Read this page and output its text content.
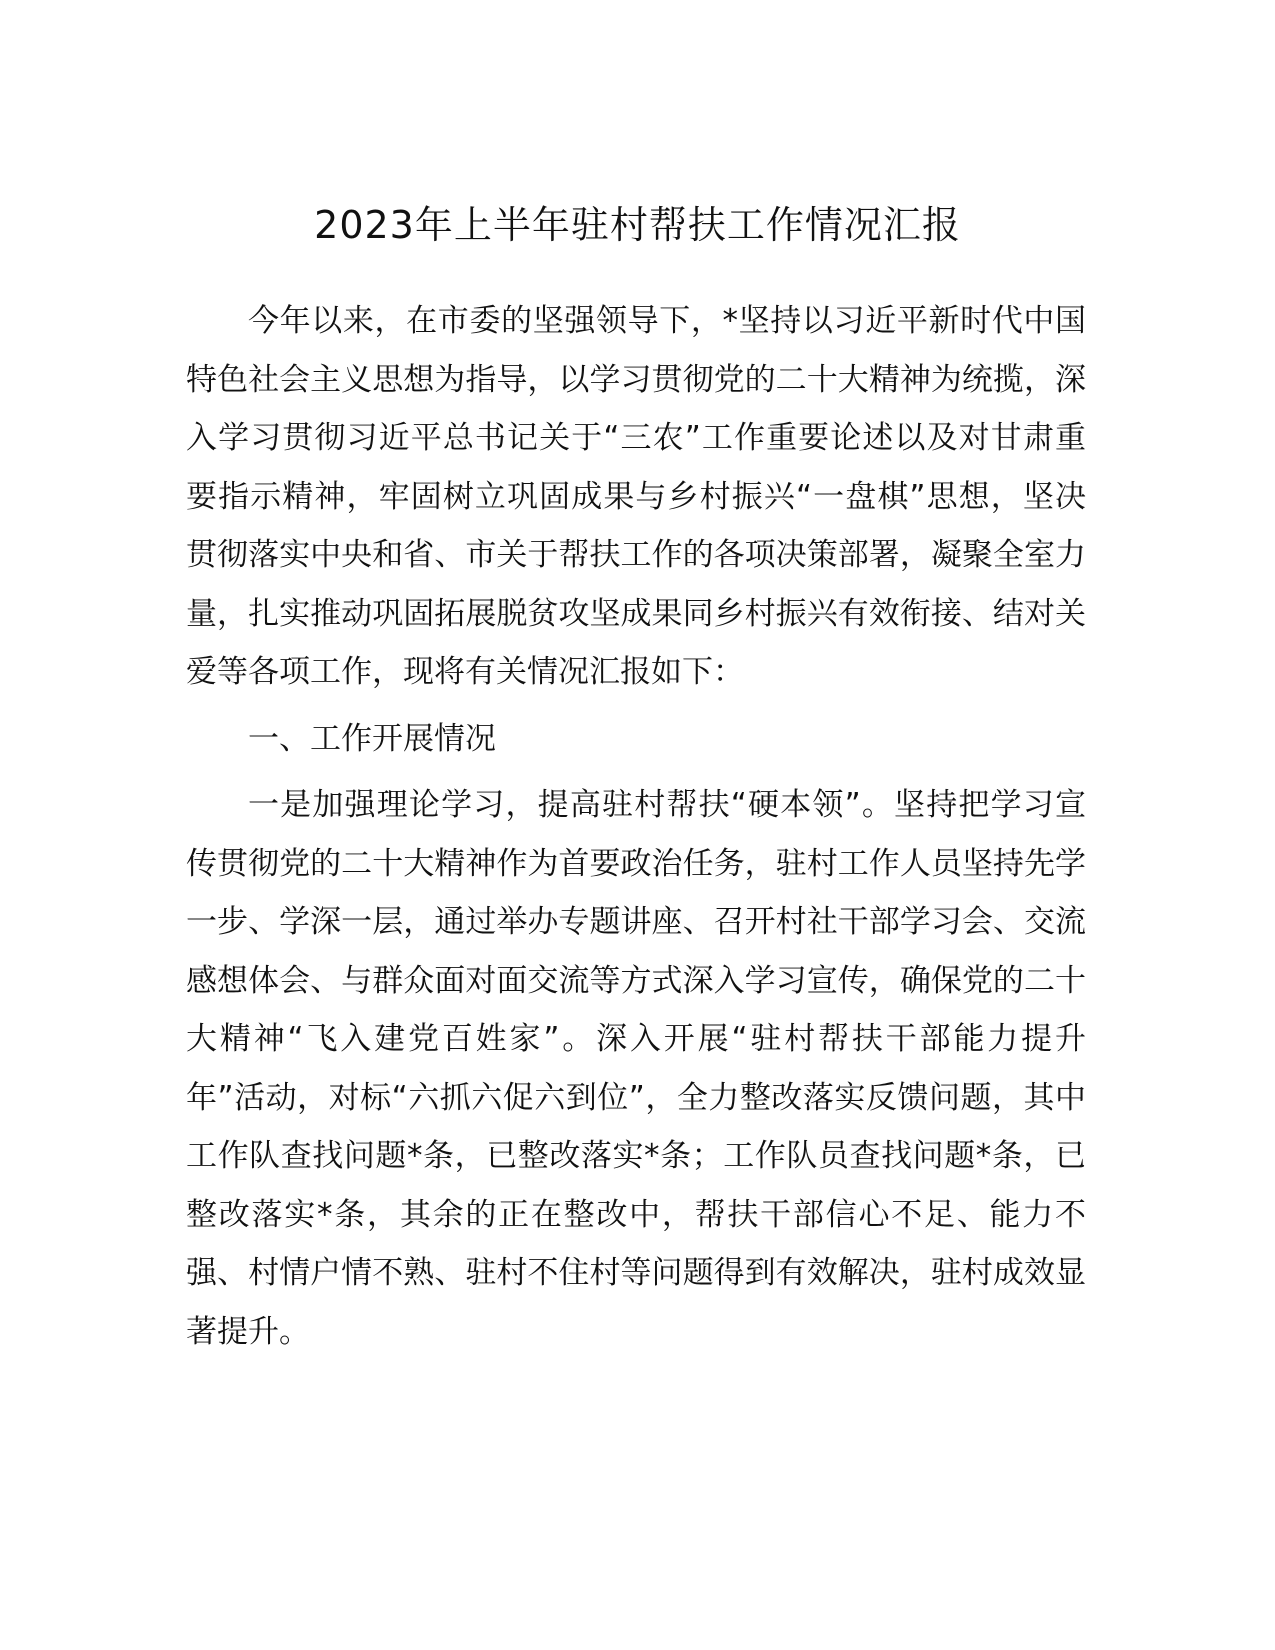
2023年上半年驻村帮扶工作情况汇报

今年以来，在市委的坚强领导下，*坚持以习近平新时代中国特色社会主义思想为指导，以学习贯彻党的二十大精神为统揽，深入学习贯彻习近平总书记关于“三农”工作重要论述以及对甘肃重要指示精神，牢固树立巩固成果与乡村振兴“一盘棋”思想，坚决贯彻落实中央和省、市关于帮扶工作的各项决策部署，凝聚全室力量，扎实推动巩固拓展脱贫攻坚成果同乡村振兴有效衔接、结对关爱等各项工作，现将有关情况汇报如下：

一、工作开展情况

一是加强理论学习，提高驻村帮扶“硬本领”。坚持把学习宣传贯彻党的二十大精神作为首要政治任务，驻村工作人员坚持先学一步、学深一层，通过举办专题讲座、召开村社干部学习会、交流感想体会、与群众面对面交流等方式深入学习宣传，确保党的二十大精神“飞入建党百姓家”。深入开展“驻村帮扶干部能力提升年”活动，对标“六抓六促六到位”，全力整改落实反馈问题，其中工作队查找问题*条，已整改落实*条；工作队员查找问题*条，已整改落实*条，其余的正在整改中，帮扶干部信心不足、能力不强、村情户情不熟、驻村不住村等问题得到有效解决，驻村成效显著提升。
